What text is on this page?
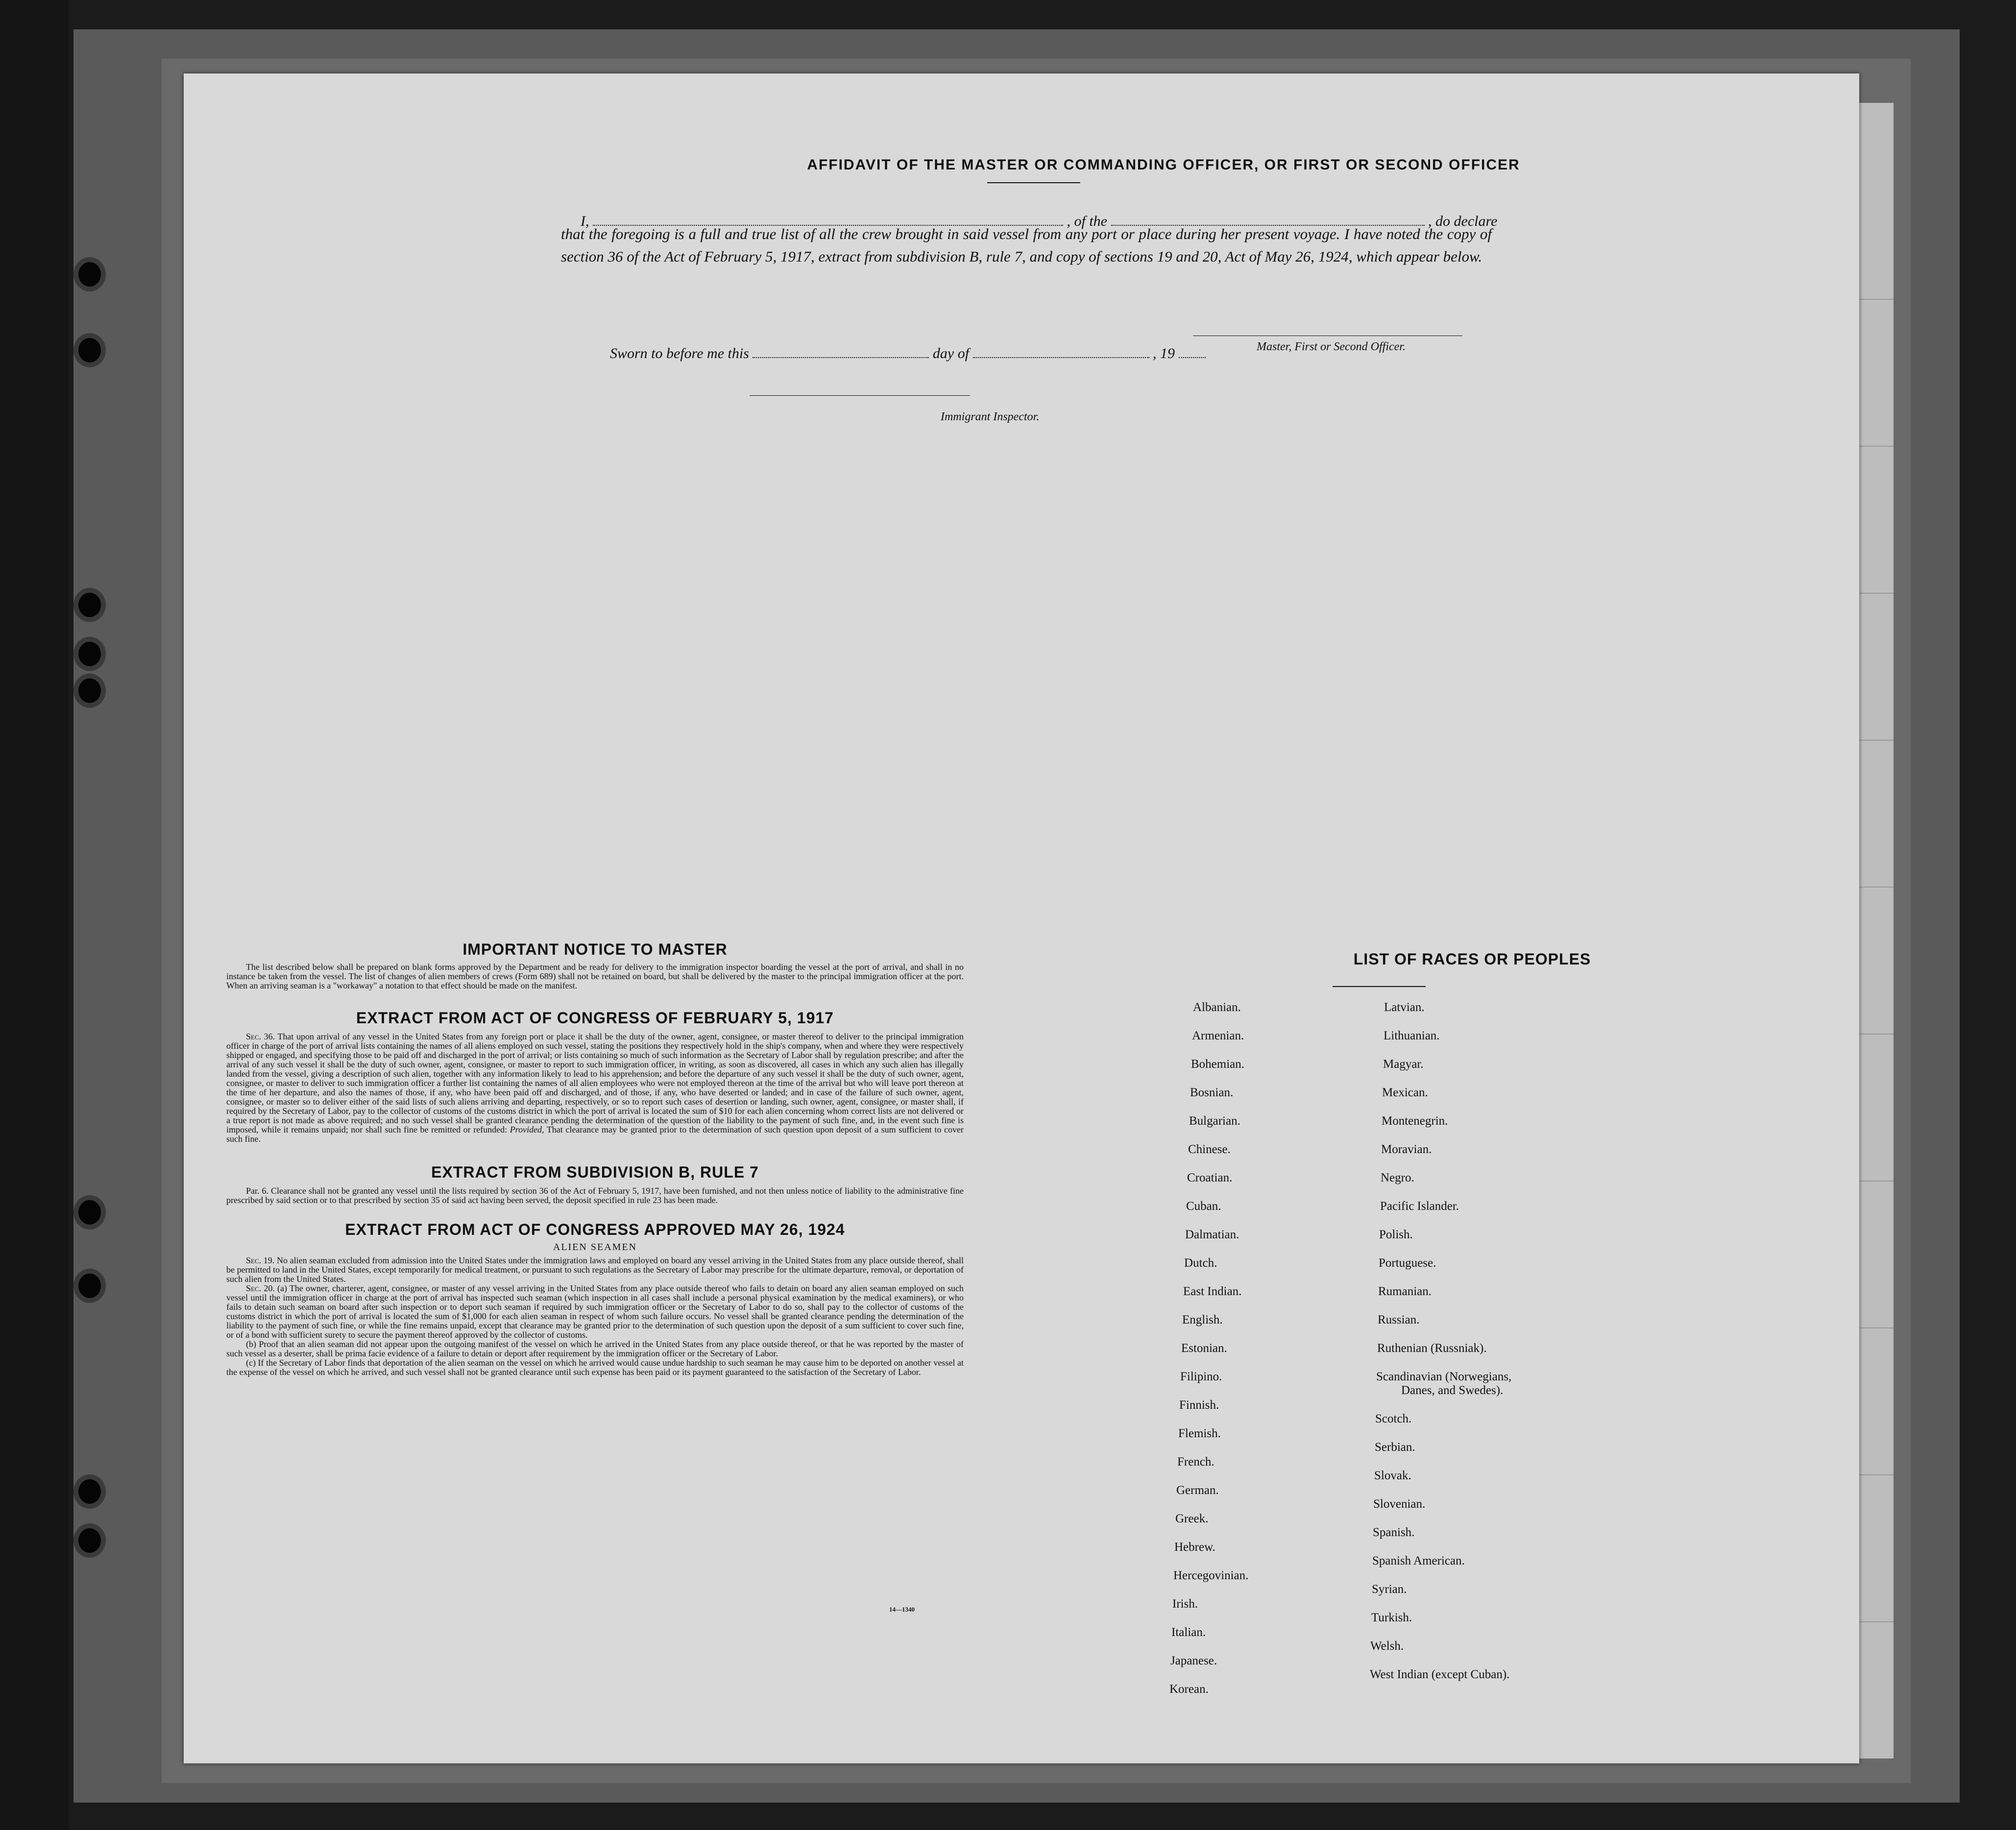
AFFIDAVIT OF THE MASTER OR COMMANDING OFFICER, OR FIRST OR SECOND OFFICER
I,	, of the	, do declare
that the foregoing is a full and true list of all the crew brought in said vessel from any port or place during her present voyage. I have noted the copy of section 36 of the Act of February 5, 1917, extract from subdivision B, rule 7, and copy of sections 19 and 20, Act of May 26, 1924, which appear below.
Master, First or Second Officer.
Sworn to before me this	day of	, 19
Immigrant Inspector.
IMPORTANT NOTICE TO MASTER

The list described below shall be prepared on blank forms approved by the Department and be ready for delivery to the immigration inspector boarding the vessel at the port of arrival, and shall in no instance be taken from the vessel. The list of changes of alien members of crews (Form 689) shall not be retained on board, but shall be delivered by the master to the principal immigration officer at the port. When an arriving seaman is a "workaway" a notation to that effect should be made on the manifest.

EXTRACT FROM ACT OF CONGRESS OF FEBRUARY 5, 1917

Sec. 36. That upon arrival of any vessel in the United States from any foreign port or place it shall be the duty of the owner, agent, consignee, or master thereof to deliver to the principal immigration officer in charge of the port of arrival lists containing the names of all aliens employed on such vessel, stating the positions they respectively hold in the ship's company, when and where they were respectively shipped or engaged, and specifying those to be paid off and discharged in the port of arrival; or lists containing so much of such information as the Secretary of Labor shall by regulation prescribe; and after the arrival of any such vessel it shall be the duty of such owner, agent, consignee, or master to report to such immigration officer, in writing, as soon as discovered, all cases in which any such alien has illegally landed from the vessel, giving a description of such alien, together with any information likely to lead to his apprehension; and before the departure of any such vessel it shall be the duty of such owner, agent, consignee, or master to deliver to such immigration officer a further list containing the names of all alien employees who were not employed thereon at the time of the arrival but who will leave port thereon at the time of her departure, and also the names of those, if any, who have been paid off and discharged, and of those, if any, who have deserted or landed; and in case of the failure of such owner, agent, consignee, or master so to deliver either of the said lists of such aliens arriving and departing, respectively, or so to report such cases of desertion or landing, such owner, agent, consignee, or master shall, if required by the Secretary of Labor, pay to the collector of customs of the customs district in which the port of arrival is located the sum of $10 for each alien concerning whom correct lists are not delivered or a true report is not made as above required; and no such vessel shall be granted clearance pending the determination of the question of the liability to the payment of such fine, and, in the event such fine is imposed, while it remains unpaid; nor shall such fine be remitted or refunded: Provided, That clearance may be granted prior to the determination of such question upon deposit of a sum sufficient to cover such fine.

EXTRACT FROM SUBDIVISION B, RULE 7

Par. 6. Clearance shall not be granted any vessel until the lists required by section 36 of the Act of February 5, 1917, have been furnished, and not then unless notice of liability to the administrative fine prescribed by said section or to that prescribed by section 35 of said act having been served, the deposit specified in rule 23 has been made.

EXTRACT FROM ACT OF CONGRESS APPROVED MAY 26, 1924
ALIEN SEAMEN

Sec. 19. No alien seaman excluded from admission into the United States under the immigration laws and employed on board any vessel arriving in the United States from any place outside thereof, shall be permitted to land in the United States, except temporarily for medical treatment, or pursuant to such regulations as the Secretary of Labor may prescribe for the ultimate departure, removal, or deportation of such alien from the United States.

Sec. 20. (a) The owner, charterer, agent, consignee, or master of any vessel arriving in the United States from any place outside thereof who fails to detain on board any alien seaman employed on such vessel until the immigration officer in charge at the port of arrival has inspected such seaman (which inspection in all cases shall include a personal physical examination by the medical examiners), or who fails to detain such seaman on board after such inspection or to deport such seaman if required by such immigration officer or the Secretary of Labor to do so, shall pay to the collector of customs of the customs district in which the port of arrival is located the sum of $1,000 for each alien seaman in respect of whom such failure occurs. No vessel shall be granted clearance pending the determination of the liability to the payment of such fine, or while the fine remains unpaid, except that clearance may be granted prior to the determination of such question upon the deposit of a sum sufficient to cover such fine, or of a bond with sufficient surety to secure the payment thereof approved by the collector of customs.

(b) Proof that an alien seaman did not appear upon the outgoing manifest of the vessel on which he arrived in the United States from any place outside thereof, or that he was reported by the master of such vessel as a deserter, shall be prima facie evidence of a failure to detain or deport after requirement by the immigration officer or the Secretary of Labor.

(c) If the Secretary of Labor finds that deportation of the alien seaman on the vessel on which he arrived would cause undue hardship to such seaman he may cause him to be deported on another vessel at the expense of the vessel on which he arrived, and such vessel shall not be granted clearance until such expense has been paid or its payment guaranteed to the satisfaction of the Secretary of Labor.

14—1340
LIST OF RACES OR PEOPLES
Albanian.
Armenian.
Bohemian.
Bosnian.
Bulgarian.
Chinese.
Croatian.
Cuban.
Dalmatian.
Dutch.
East Indian.
English.
Estonian.
Filipino.
Finnish.
Flemish.
French.
German.
Greek.
Hebrew.
Hercegovinian.
Irish.
Italian.
Japanese.
Korean.
Latvian.
Lithuanian.
Magyar.
Mexican.
Montenegrin.
Moravian.
Negro.
Pacific Islander.
Polish.
Portuguese.
Rumanian.
Russian.
Ruthenian (Russniak).
Scandinavian (Norwegians,
Danes, and Swedes).
Scotch.
Serbian.
Slovak.
Slovenian.
Spanish.
Spanish American.
Syrian.
Turkish.
Welsh.
West Indian (except Cuban).
